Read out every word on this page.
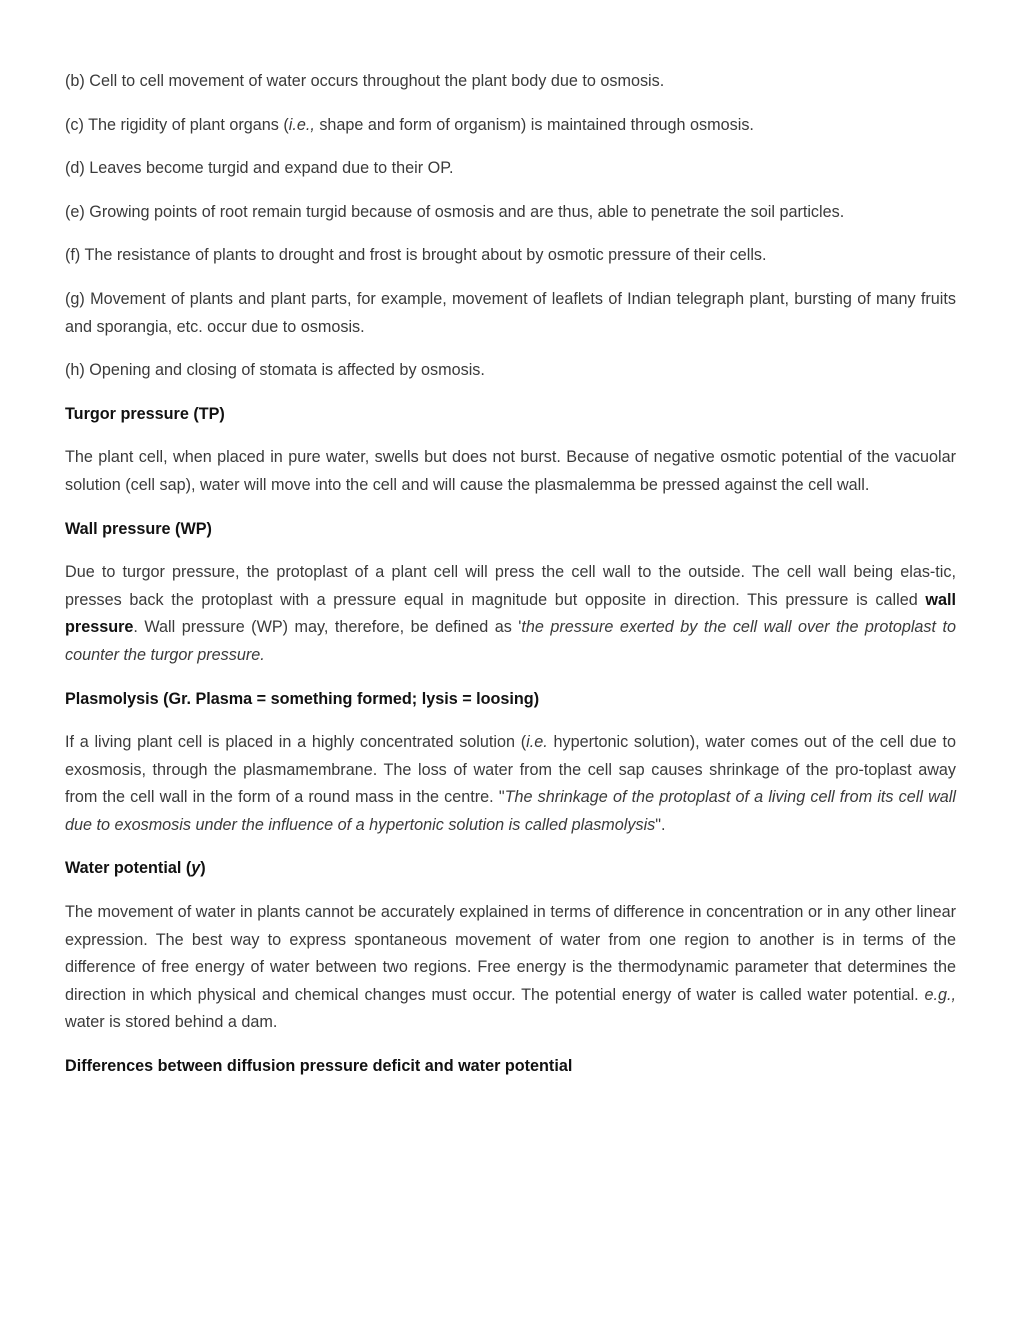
(b) Cell to cell movement of water occurs throughout the plant body due to osmosis.

(c) The rigidity of plant organs (i.e., shape and form of organism) is maintained through osmosis.

(d) Leaves become turgid and expand due to their OP.

(e) Growing points of root remain turgid because of osmosis and are thus, able to penetrate the soil particles.

(f) The resistance of plants to drought and frost is brought about by osmotic pressure of their cells.

(g) Movement of plants and plant parts, for example, movement of leaflets of Indian telegraph plant, bursting of many fruits and sporangia, etc. occur due to osmosis.

(h) Opening and closing of stomata is affected by osmosis.

Turgor pressure (TP)

The plant cell, when placed in pure water, swells but does not burst. Because of negative osmotic potential of the vacuolar solution (cell sap), water will move into the cell and will cause the plasmalemma be pressed against the cell wall.

Wall pressure (WP)

Due to turgor pressure, the protoplast of a plant cell will press the cell wall to the outside. The cell wall being elas-tic, presses back the protoplast with a pressure equal in magnitude but opposite in direction. This pressure is called wall pressure. Wall pressure (WP) may, therefore, be defined as 'the pressure exerted by the cell wall over the protoplast to counter the turgor pressure.

Plasmolysis (Gr. Plasma = something formed; lysis = loosing)

If a living plant cell is placed in a highly concentrated solution (i.e. hypertonic solution), water comes out of the cell due to exosmosis, through the plasmamembrane. The loss of water from the cell sap causes shrinkage of the pro-toplast away from the cell wall in the form of a round mass in the centre. "The shrinkage of the protoplast of a living cell from its cell wall due to exosmosis under the influence of a hypertonic solution is called plasmolysis".

Water potential (y)

The movement of water in plants cannot be accurately explained in terms of difference in concentration or in any other linear expression. The best way to express spontaneous movement of water from one region to another is in terms of the difference of free energy of water between two regions. Free energy is the thermodynamic parameter that determines the direction in which physical and chemical changes must occur. The potential energy of water is called water potential. e.g., water is stored behind a dam.

Differences between diffusion pressure deficit and water potential
